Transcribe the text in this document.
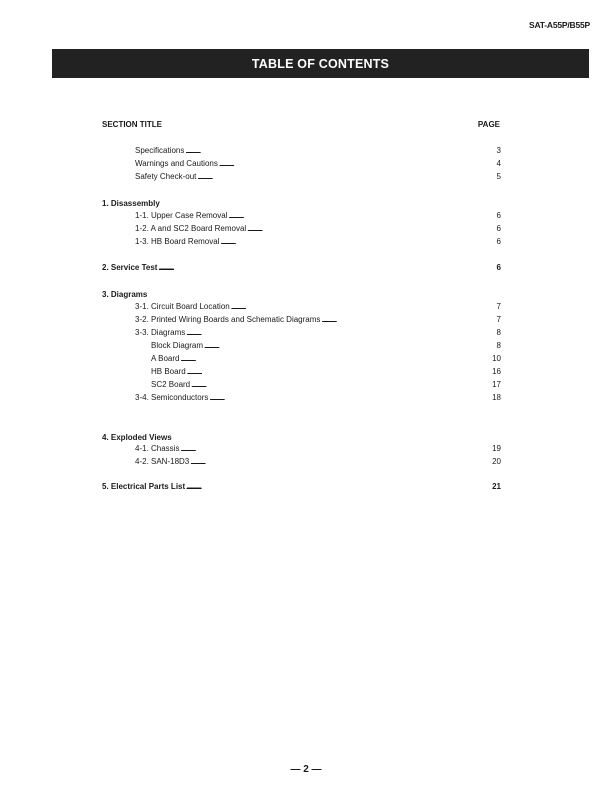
SAT-A55P/B55P
TABLE OF CONTENTS
SECTION TITLE	PAGE
Specifications . . .	3
Warnings and Cautions . . .	4
Safety Check-out . . .	5
1. Disassembly
1-1. Upper Case Removal . . .	6
1-2. A and SC2 Board Removal . . .	6
1-3. HB Board Removal . . .	6
2. Service Test . . .	6
3. Diagrams
3-1. Circuit Board Location . . .	7
3-2. Printed Wiring Boards and Schematic Diagrams . . .	7
3-3. Diagrams . . .	8
Block Diagram . . .	8
A Board . . .	10
HB Board . . .	16
SC2 Board . . .	17
3-4. Semiconductors . . .	18
4. Exploded Views
4-1. Chassis . . .	19
4-2. SAN-18D3 . . .	20
5. Electrical Parts List . . .	21
— 2 —
